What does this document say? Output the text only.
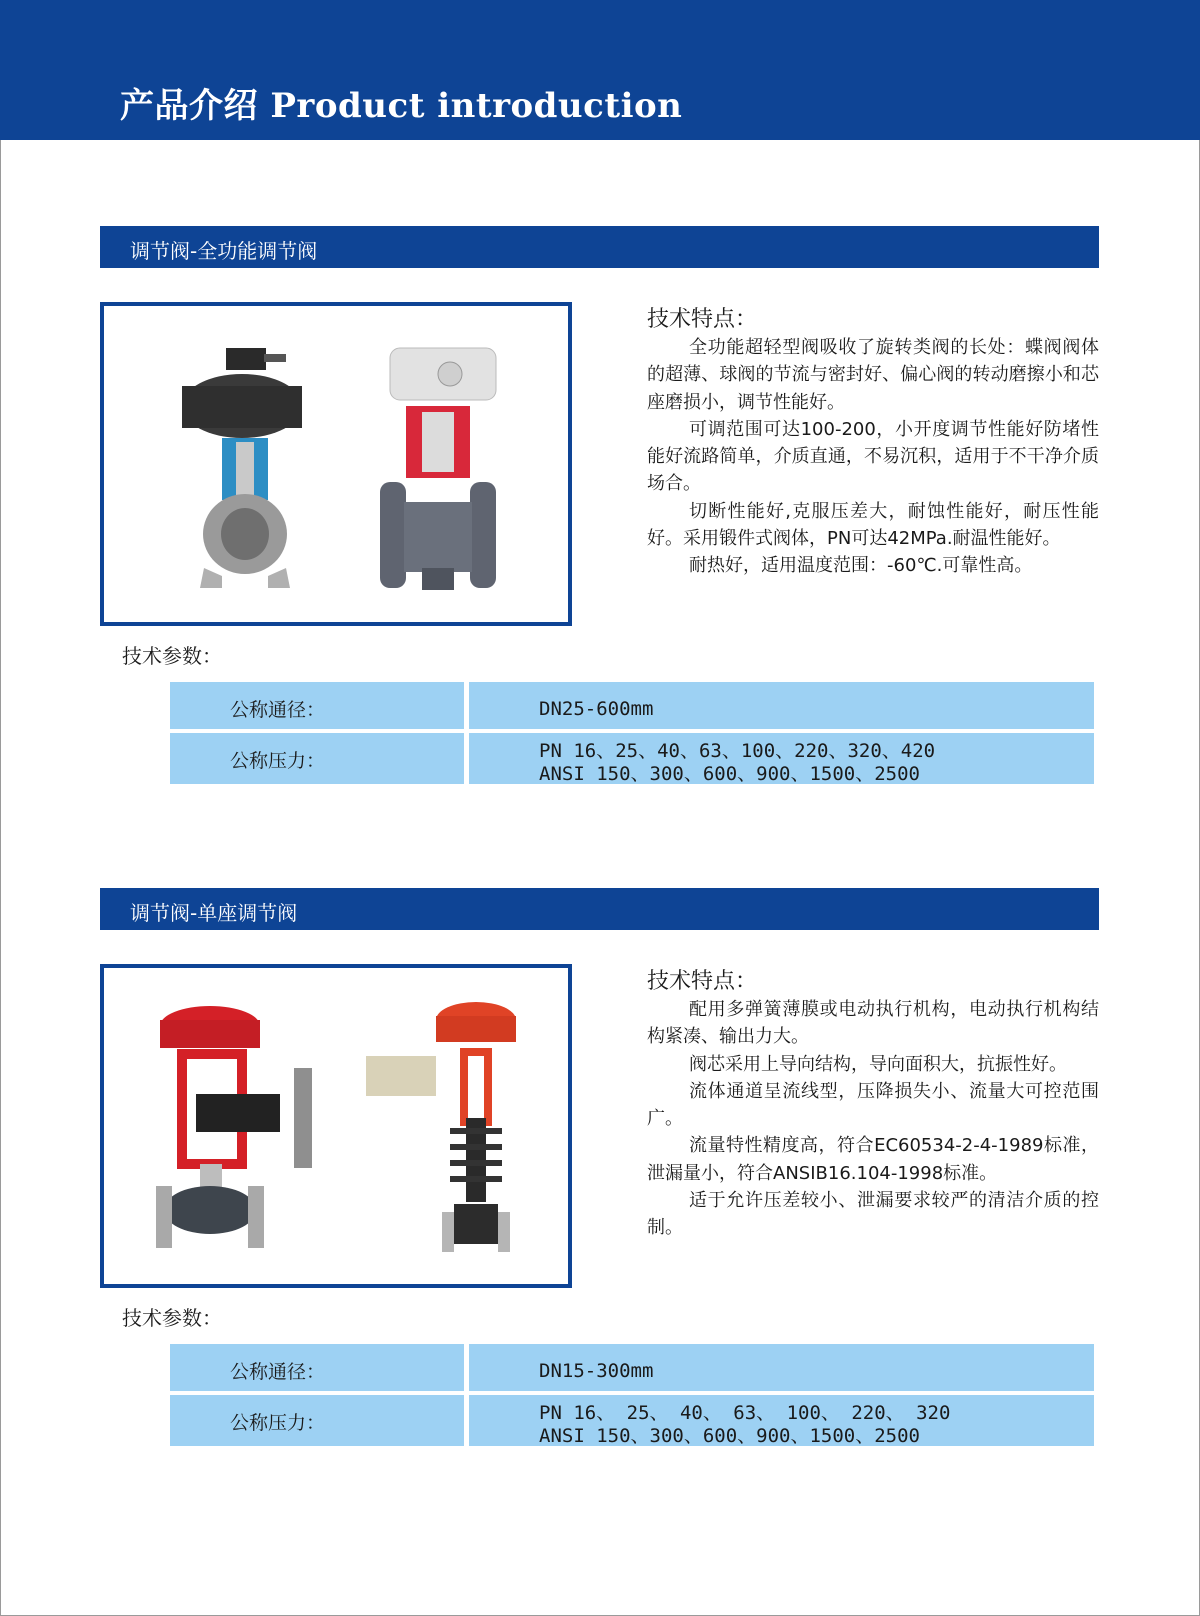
产品介绍 Product introduction
调节阀-全功能调节阀
技术特点：

全功能超轻型阀吸收了旋转类阀的长处：蝶阀阀体的超薄、球阀的节流与密封好、偏心阀的转动磨擦小和芯座磨损小，调节性能好。

可调范围可达100-200，小开度调节性能好防堵性能好流路简单，介质直通，不易沉积，适用于不干净介质场合。

切断性能好,克服压差大，耐蚀性能好，耐压性能好。采用锻件式阀体，PN可达42MPa.耐温性能好。

耐热好，适用温度范围：-60℃.可靠性高。

技术参数：
公称通径：	DN25-600mm
公称压力：	PN 16、25、40、63、100、220、320、420
ANSI 150、300、600、900、1500、2500
调节阀-单座调节阀
技术特点：

配用多弹簧薄膜或电动执行机构，电动执行机构结构紧凑、输出力大。

阀芯采用上导向结构，导向面积大，抗振性好。

流体通道呈流线型，压降损失小、流量大可控范围广。

流量特性精度高，符合EC60534-2-4-1989标准，泄漏量小，符合ANSIB16.104-1998标准。

适于允许压差较小、泄漏要求较严的清洁介质的控制。

技术参数：
公称通径：	DN15-300mm
公称压力：	PN 16、 25、 40、 63、 100、 220、 320
ANSI 150、300、600、900、1500、2500
